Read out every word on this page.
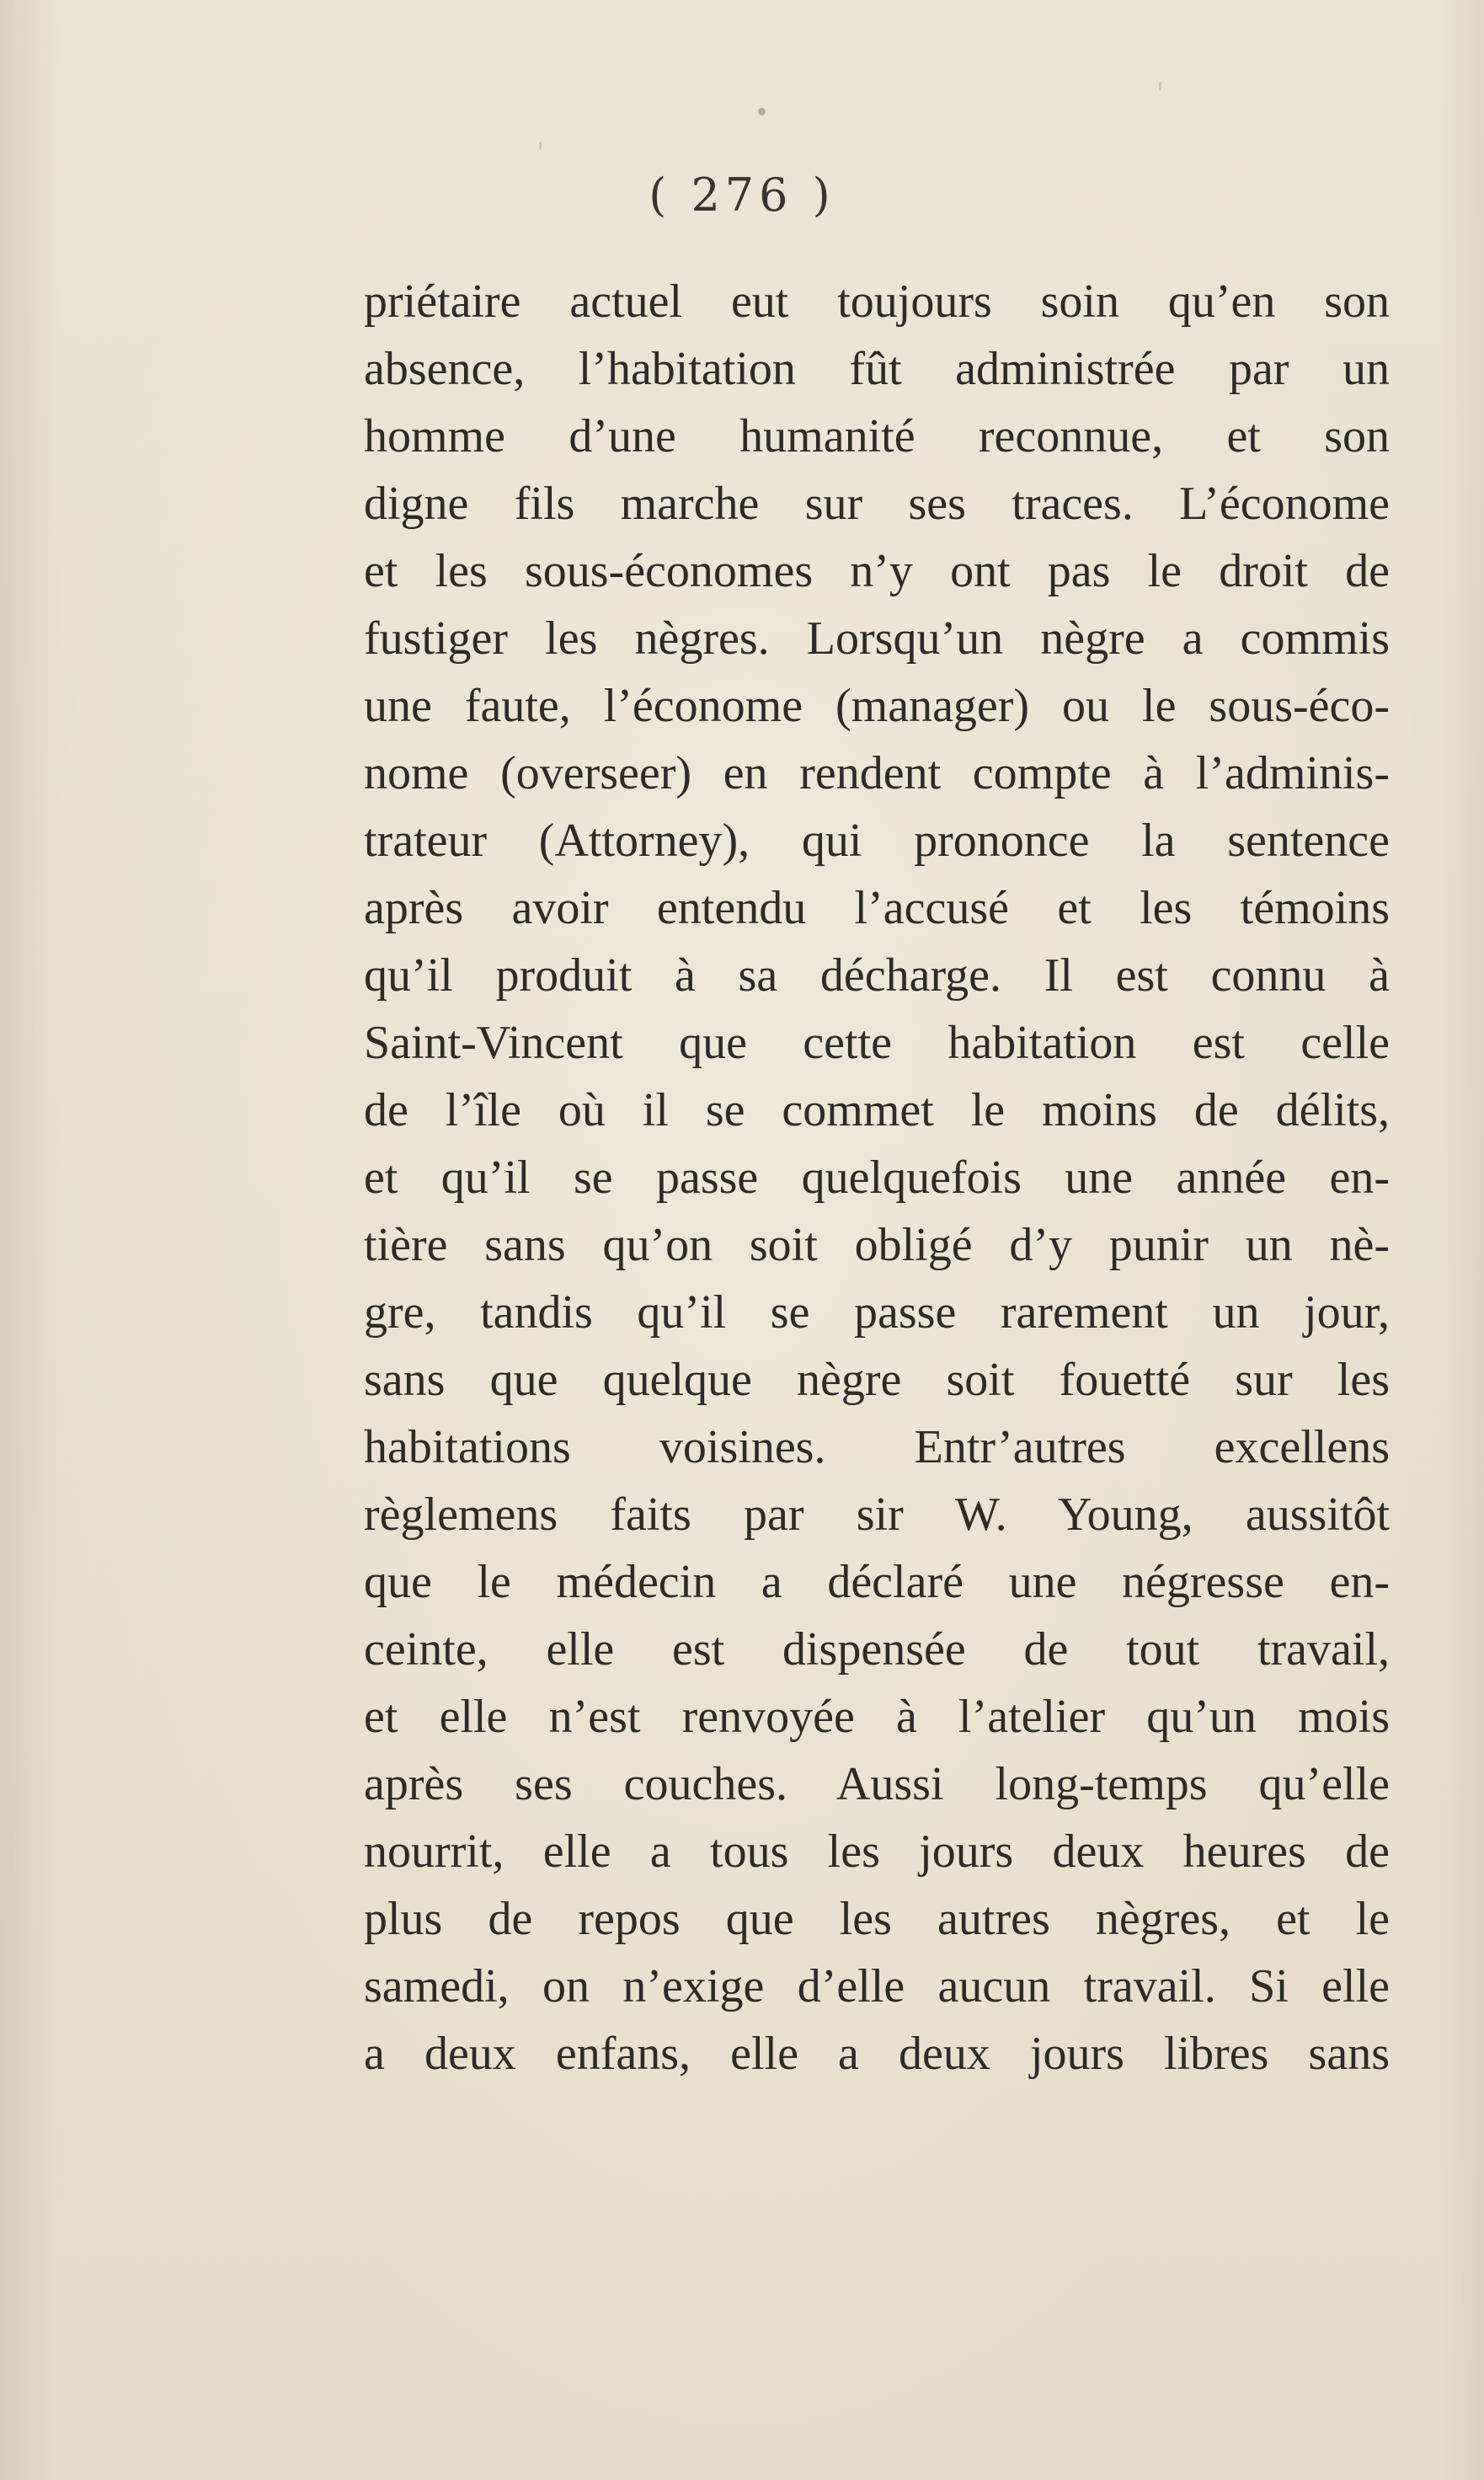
( 276 )
priétaire actuel eut toujours soin qu’en son
absence, l’habitation fût administrée par un
homme d’une humanité reconnue, et son
digne fils marche sur ses traces. L’économe
et les sous-économes n’y ont pas le droit de
fustiger les nègres. Lorsqu’un nègre a commis
une faute, l’économe (manager) ou le sous-éco-
nome (overseer) en rendent compte à l’adminis-
trateur (Attorney), qui prononce la sentence
après avoir entendu l’accusé et les témoins
qu’il produit à sa décharge. Il est connu à
Saint-Vincent que cette habitation est celle
de l’île où il se commet le moins de délits,
et qu’il se passe quelquefois une année en-
tière sans qu’on soit obligé d’y punir un nè-
gre, tandis qu’il se passe rarement un jour,
sans que quelque nègre soit fouetté sur les
habitations voisines. Entr’autres excellens
règlemens faits par sir W. Young, aussitôt
que le médecin a déclaré une négresse en-
ceinte, elle est dispensée de tout travail,
et elle n’est renvoyée à l’atelier qu’un mois
après ses couches. Aussi long-temps qu’elle
nourrit, elle a tous les jours deux heures de
plus de repos que les autres nègres, et le
samedi, on n’exige d’elle aucun travail. Si elle
a deux enfans, elle a deux jours libres sans
